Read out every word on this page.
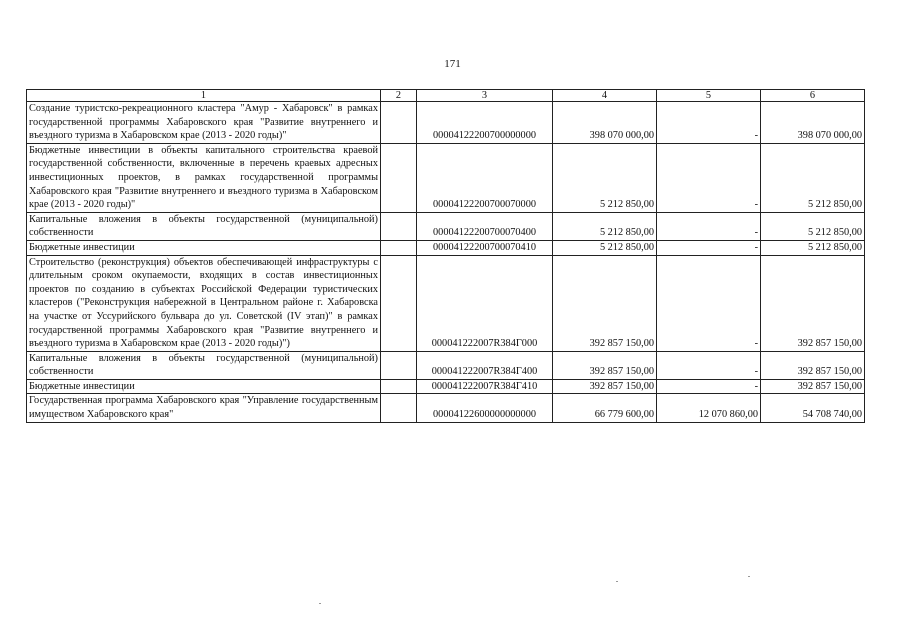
171
1	2	3	4	5	6
Создание туристско-рекреационного кластера "Амур - Хабаровск" в рамках государственной программы Хабаровского края "Развитие внутреннего и въездного туризма в Хабаровском крае (2013 - 2020 годы)"		00004122200700000000	398 070 000,00	-	398 070 000,00
Бюджетные инвестиции в объекты капитального строительства краевой государственной собственности, включенные в перечень краевых адресных инвестиционных проектов, в рамках государственной программы Хабаровского края "Развитие внутреннего и въездного туризма в Хабаровском крае (2013 - 2020 годы)"		00004122200700070000	5 212 850,00	-	5 212 850,00
Капитальные вложения в объекты государственной (муниципальной) собственности		00004122200700070400	5 212 850,00	-	5 212 850,00
Бюджетные инвестиции		00004122200700070410	5 212 850,00	-	5 212 850,00
Строительство (реконструкция) объектов обеспечивающей инфраструктуры с длительным сроком окупаемости, входящих в состав инвестиционных проектов по созданию в субъектах Российской Федерации туристических кластеров ("Реконструкция набережной в Центральном районе г. Хабаровска на участке от Уссурийского бульвара до ул. Советской (IV этап)" в рамках государственной программы Хабаровского края "Развитие внутреннего и въездного туризма в Хабаровском крае (2013 - 2020 годы)")		000041222007R384Г000	392 857 150,00	-	392 857 150,00
Капитальные вложения в объекты государственной (муниципальной) собственности		000041222007R384Г400	392 857 150,00	-	392 857 150,00
Бюджетные инвестиции		000041222007R384Г410	392 857 150,00	-	392 857 150,00
Государственная программа Хабаровского края "Управление государственным имуществом Хабаровского края"		00004122600000000000	66 779 600,00	12 070 860,00	54 708 740,00
